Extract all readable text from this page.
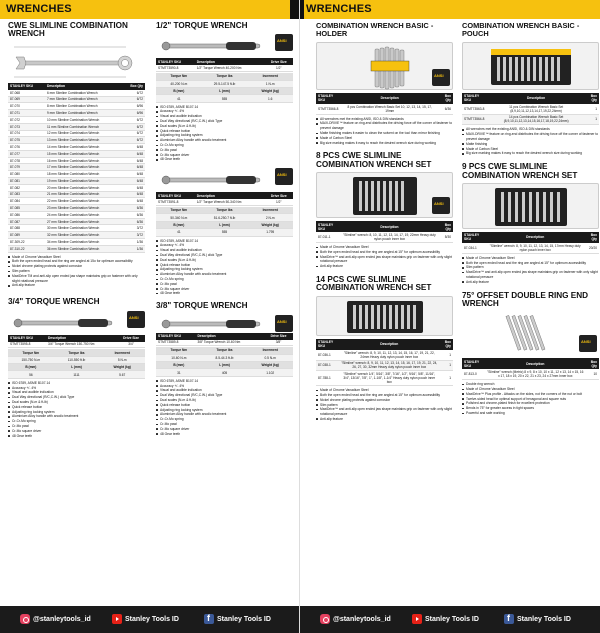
WRENCHES
CWE SLIMLINE COMBINATION WRENCH
STANLEY SKU	Description	Box Qty
87-068	6 mm Slimline Combination Wrench	6/72
87-069	7 mm Slimline Combination Wrench	6/72
87-070	8 mm Slimline Combination Wrench	6/96
87-071	9 mm Slimline Combination Wrench	6/96
87-072	10 mm Slimline Combination Wrench	6/72
87-073	11 mm Slimline Combination Wrench	6/72
87-074	12 mm Slimline Combination Wrench	6/72
87-075	13 mm Slimline Combination Wrench	6/72
87-076	14 mm Slimline Combination Wrench	6/48
87-077	15 mm Slimline Combination Wrench	6/48
87-078	16 mm Slimline Combination Wrench	6/48
87-079	17 mm Slimline Combination Wrench	6/48
87-080	18 mm Slimline Combination Wrench	6/48
87-081	19 mm Slimline Combination Wrench	6/48
87-082	20 mm Slimline Combination Wrench	6/48
87-083	21 mm Slimline Combination Wrench	6/48
87-084	22 mm Slimline Combination Wrench	6/48
87-085	23 mm Slimline Combination Wrench	6/36
87-086	24 mm Slimline Combination Wrench	6/36
87-087	27 mm Slimline Combination Wrench	6/36
87-088	30 mm Slimline Combination Wrench	3/72
87-089	32 mm Slimline Combination Wrench	3/72
87-309-22	34 mm Slimline Combination Wrench	1/36
87-310-22	36 mm Slimline Combination Wrench	1/36
Made of Chrome Vanadium Steel
Both the open ended head and the ring are angled at 15o for optimum accessibility
Nickel chrome plating protects against corrosion
Slim pattern
MaxiDrive TM and anti-slip open ended jaw shape maintains grip on fastener with only slight rotational pressure
Anti-slip feature
3/4" TORQUE WRENCH
ANSI
STANLEY SKU	Description	Drive Size
STMT73595-8	3/4" Torque Wrench 150-750 Nm	3/4"
Torque Nm	Torque Ibs	Increment
150-750 N-m	110-550 ft.lb	5 N-m
B (mm)	L (mm)	Weight (kg)
56	1111	5.67
ISO 6789, ASME B107.14
Accuracy +/- 4%
Visual and audible indication
Dual Way directional (R/C,C.W.) click Type
Dual scales (N-m & ft-lb)
Quick release button
Adjusting ring locking system
Aluminium Alloy handle with anodic treatment
Cr-Cr-Mo spring
Cr-Mo pawl
Cr-Mo square driver
48 Gear teeth
1/2" TORQUE WRENCH
ANSI
STANLEY SKU	Description	Drive Size
STMT73590-8	1/2" Torque Wrench 40-200 Nm	1/2"
Torque Nm	Torque Ibs	Increment
40-200 N-m	29.5-147.5 ft-lb	1 N-m
B (mm)	L (mm)	Weight (kg)
41	555	1.6
ISO 6789, ASME B107.14
Accuracy +/- 4%
Visual and audible indication
Dual Way directional (R/C,C.W.) click Type
Dual scales (N-m & ft-lb)
Quick release button
Adjusting ring locking system
Aluminium Alloy handle with anodic treatment
Cr-Cr-Mo spring
Cr-Mo pawl
Cr-Mo square driver
48 Gear teeth
ANSI
STANLEY SKU	Description	Drive Size
STMT73591-8	1/2" Torque Wrench 50-340 Nm	1/2"
Torque Nm	Torque Ibs	Increment
50-340 N-m	51.6-250.7 ft-lb	2 N-m
B (mm)	L (mm)	Weight (kg)
41	555	1.795
ISO 6789, ASME B107.14
Accuracy +/- 4%
Visual and audible indication
Dual Way directional (R/C,C.W.) click Type
Dual scales (N-m & ft-lb)
Quick release button
Adjusting ring locking system
Aluminium Alloy handle with anodic treatment
Cr-Cr-Mo spring
Cr-Mo pawl
Cr-Mo square driver
48 Gear teeth
3/8" TORQUE WRENCH
ANSI
STANLEY SKU	Description	Drive Size
STMT73589-8	3/8" Torque Wrench 10-60 Nm	3/8"
Torque Nm	Torque Ibs	Increment
10-60 N-m	8.5-44.3 ft-lb	0.5 N-m
B (mm)	L (mm)	Weight (kg)
31	405	1.102
ISO 6789, ASME B107.14
Accuracy +/- 4%
Visual and audible indication
Dual Way directional (R/C,C.W.) click Type
Dual scales (N-m & ft-lb)
Quick release button
Adjusting ring locking system
Aluminium Alloy handle with anodic treatment
Cr-Cr-Mo spring
Cr-Mo pawl
Cr-Mo square driver
48 Gear teeth
@stanleytools_id	Stanley Tools ID f	Stanley Tools ID
WRENCHES
COMBINATION WRENCH BASIC - HOLDER
ANSI
STANLEY SKU	Description	Box Qty
STMT73566-8	8 pcs Combination Wrench Basic Set 10, 12, 13, 14, 15, 17, 19mm	6/36
All wrenches met the existing ANSI, ISO & DIN standards
MAXI-DRIVE™ feature on ring-end distributes the driving force off the corner of fastener to prevent damage
Matte finishing makes it easier to clean the solvent on the tool than mirror finishing
Made of Carbon Steel
Big size marking makes it easy to reach the desired wrench size during working
8 PCS CWE SLIMLINE COMBINATION WRENCH SET
ANSI
STANLEY SKU	Description	Box Qty
87-011-1	"Slimline" wrench: 8, 10, 11, 12, 13, 14, 17, 19, 22mm Heavy duty nylon pouch inner box	5/30
Made of Chrome Vanadium Steel
Both the open ended head and the ring are angled at 15° for optimum accessibility
MaxiDrive™ and anti-slip open ended jaw shape maintains grip on fastener with only slight rotational pressure
Anti-slip feature
14 PCS CWE SLIMLINE COMBINATION WRENCH SET
STANLEY SKU	Description	Box Qty
87-036-1	"Slimline" wrench: 8, 9, 10, 11, 12, 13, 14, 15, 16, 17, 19, 21, 22, 24mm Heavy duty nylon pouch inner box	1
87-038-1	"Slimline" wrench: 8, 9, 10, 11, 12, 13, 14, 15, 16, 17, 19, 21, 22, 24, 26, 27, 30, 32mm Heavy duty nylon pouch inner box	1
87-788-1	"Slimline" wrench 1/4", 5/16", 3/8", 7/16", 1/2", 9/16", 5/8", 11/16", 3/4", 13/16", 7/8", 1", 1-1/8", 1-1/4" Heavy duty nylon pouch inner box	1
Made of Chrome Vanadium Steel
Both the open ended head and the ring are angled at 15° for optimum accessibility
Nickel chrome plating protects against corrosion
Slim pattern
MaxiDrive™ and anti-slip open ended jaw shape maintains grip on fastener with only slight rotational pressure
Anti-slip feature
COMBINATION WRENCH BASIC - POUCH
STANLEY SKU	Description	Box Qty
STMT73563-8	11 pcs Combination Wrench Basic Set (8,9,10,11,12,13,14,17,19,22,24mm)	1
STMT73564-8	14 pcs Combination Wrench Basic Set (8,9,10,11,12,13,14,15,16,17,18,19,22,24mm)	1
All wrenches met the existing ANSI, ISO & DIN standards
MAXI-DRIVE™ feature on ring-end distributes the driving force off the corner of fastener to prevent damage
Matte finishing
Made of Carbon Steel
Big size marking makes it easy to reach the desired wrench size during working
9 PCS CWE SLIMLINE COMBINATION WRENCH SET
STANLEY SKU	Description	Box Qty
87-034-1	"Slimline" wrench: 8, 9, 10, 11, 12, 13, 14, 15, 17mm Heavy duty nylon pouch inner box	20/20
Made of Chrome Vanadium Steel
Both the open ended head and the ring are angled at 15° for optimum accessibility
Slim pattern
MaxiDrive™ and anti-slip open ended jaw shape maintains grip on fastener with only slight rotational pressure
Anti-slip feature
75° OFFSET DOUBLE RING END WRENCH
ANSI
STANLEY SKU	Description	Box Qty
87-813-0	"Slimline" wrench (Metric) 8 x 9, 8 x 10, 10 x 11, 12 x 13, 14 x 15, 16 x 17, 18 x 19, 20 x 22, 21 x 23, 24 x 27mm Inner box	10
Double ring wrench
Made of Chrome Vanadium Steel
MaxiDrive™ Plus profile - Attacks on the sides, not the corners of the nut or bolt
Twelve-sided head for optimal support of hexagonal and square nuts
Polished and chrome-plated finish for excellent protection
Bends in 75° for greater access in tight spaces
Powerful and safe working
@stanleytools_id	Stanley Tools ID f	Stanley Tools ID
